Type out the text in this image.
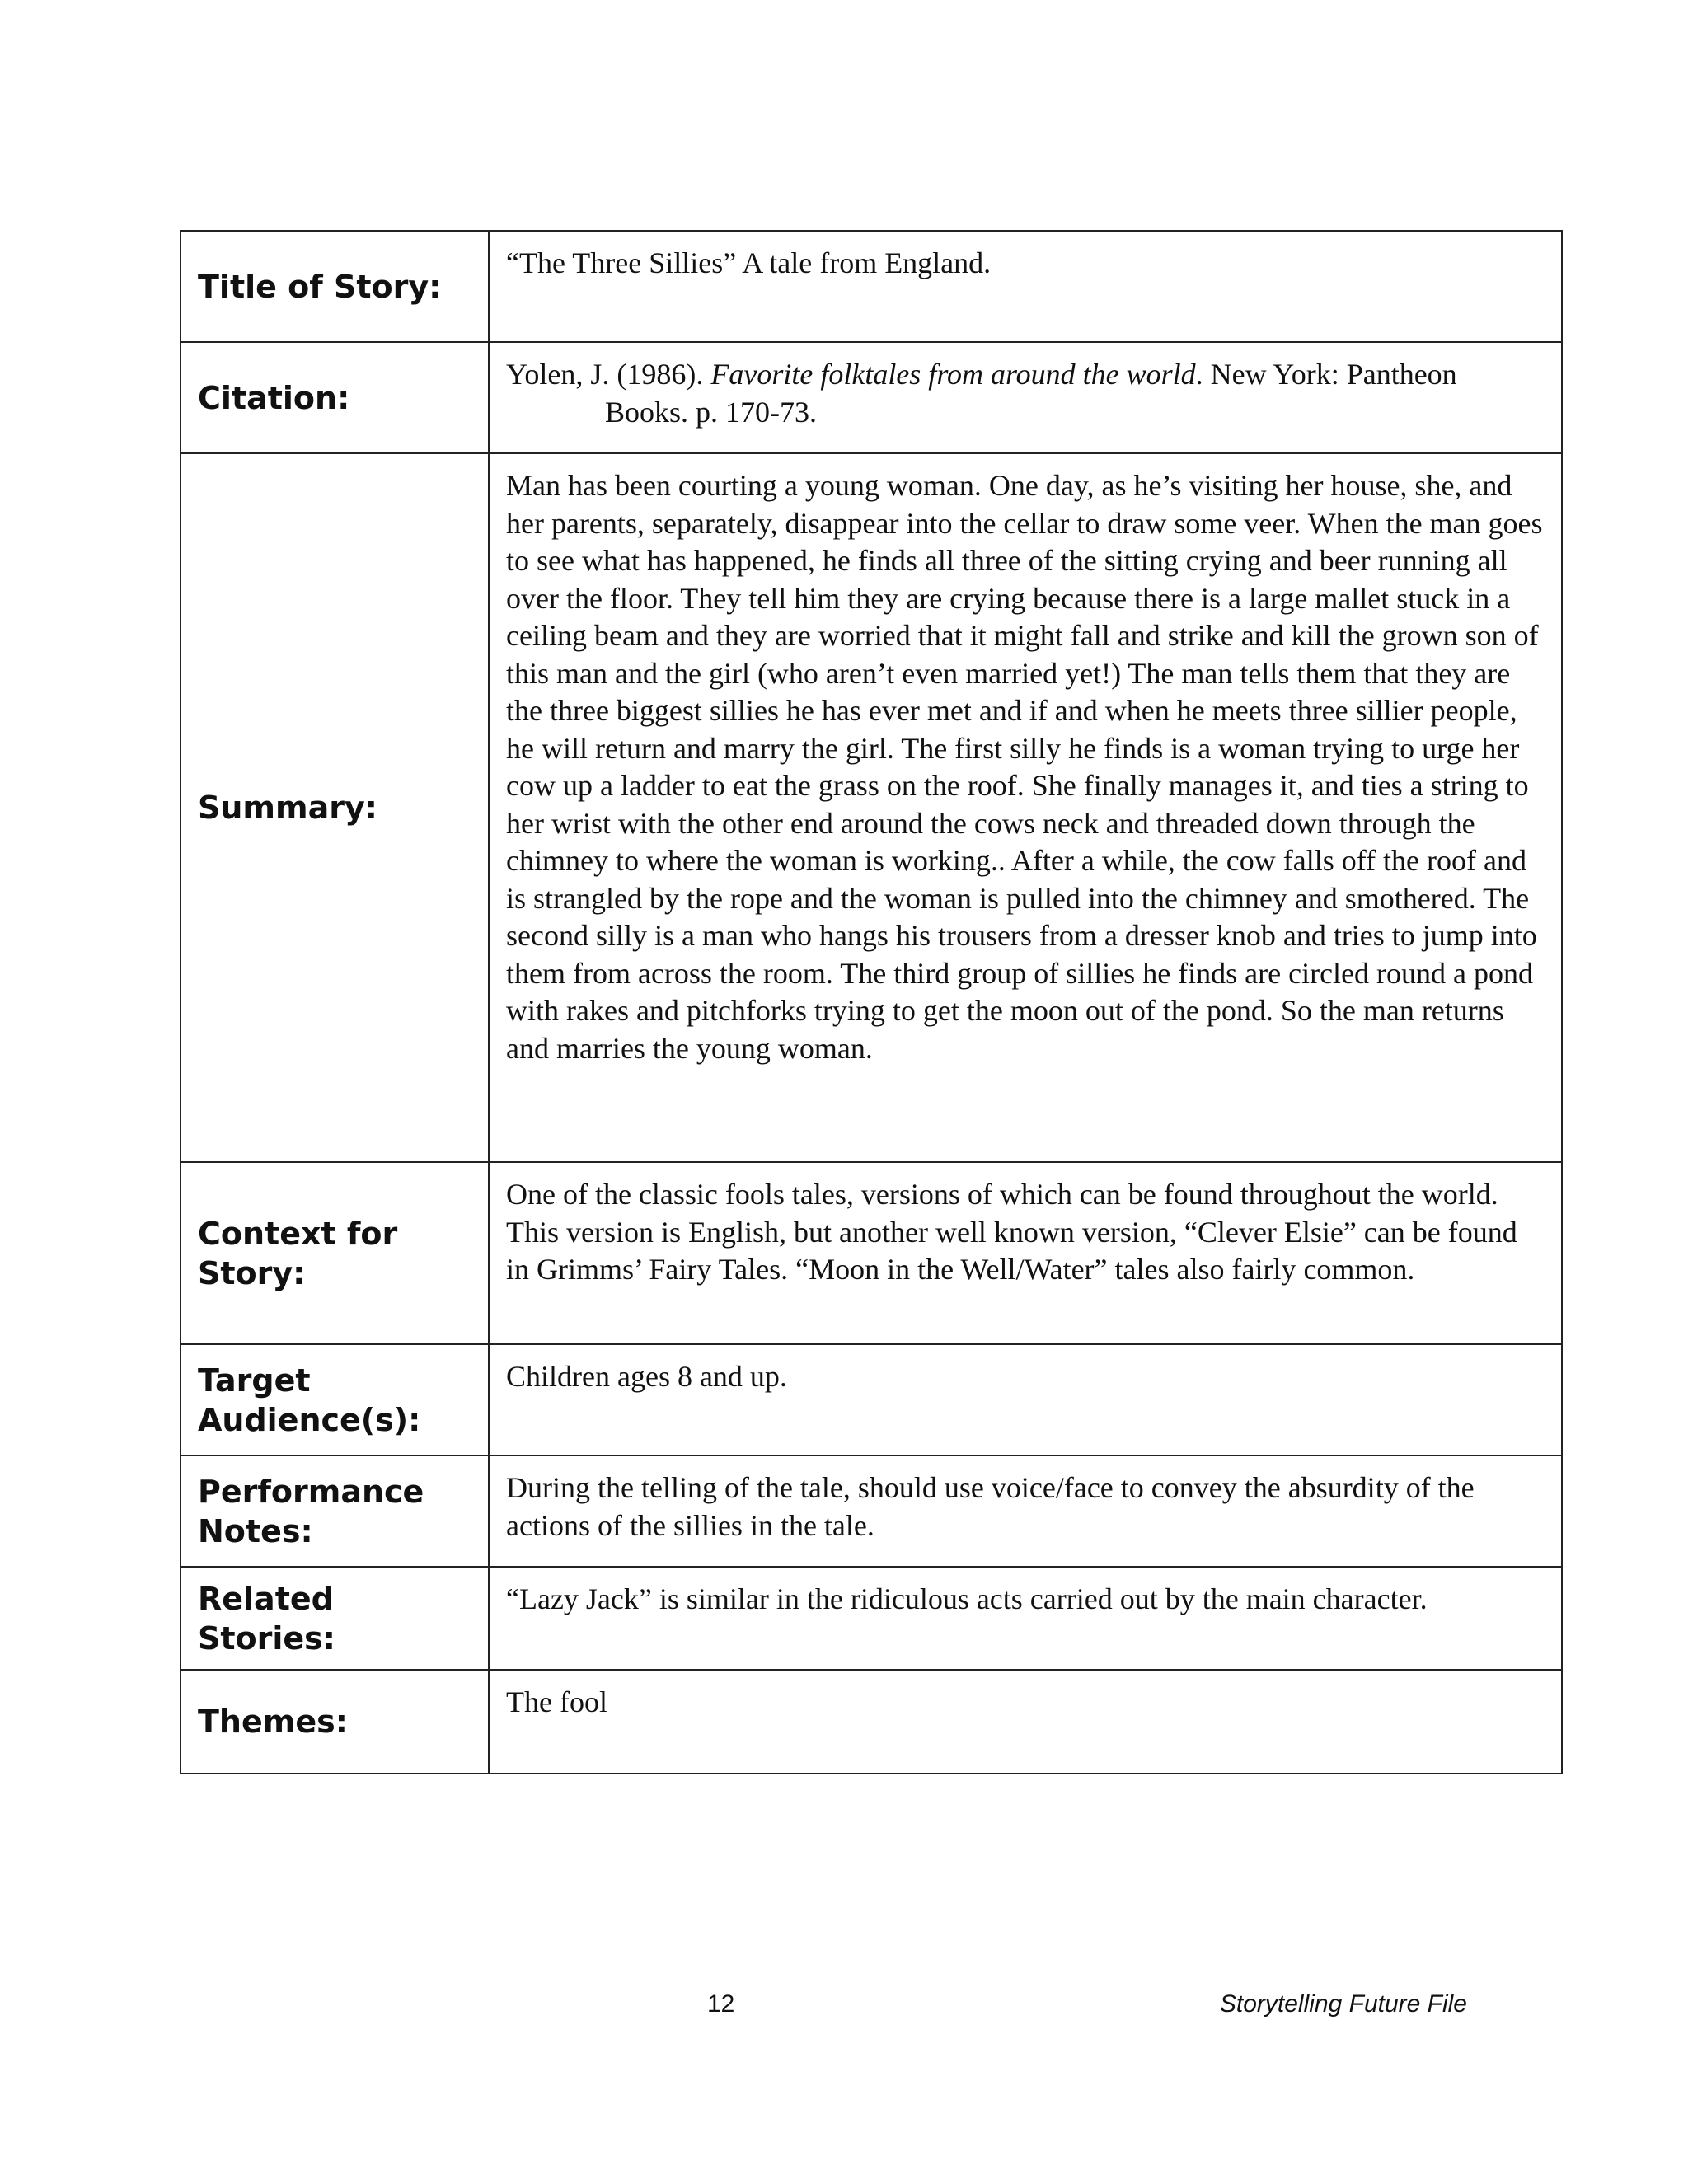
Title of Story:	“The Three Sillies” A tale from England.

Citation:	Yolen, J. (1986). Favorite folktales from around the world. New York: Pantheon Books. p. 170-73.

Summary:	Man has been courting a young woman. One day, as he’s visiting her house, she, and her parents, separately, disappear into the cellar to draw some veer. When the man goes to see what has happened, he finds all three of the sitting crying and beer running all over the floor. They tell him they are crying because there is a large mallet stuck in a ceiling beam and they are worried that it might fall and strike and kill the grown son of this man and the girl (who aren’t even married yet!) The man tells them that they are the three biggest sillies he has ever met and if and when he meets three sillier people, he will return and marry the girl. The first silly he finds is a woman trying to urge her cow up a ladder to eat the grass on the roof. She finally manages it, and ties a string to her wrist with the other end around the cows neck and threaded down through the chimney to where the woman is working.. After a while, the cow falls off the roof and is strangled by the rope and the woman is pulled into the chimney and smothered. The second silly is a man who hangs his trousers from a dresser knob and tries to jump into them from across the room. The third group of sillies he finds are circled round a pond with rakes and pitchforks trying to get the moon out of the pond. So the man returns and marries the young woman.

Context for
Story:	One of the classic fools tales, versions of which can be found throughout the world. This version is English, but another well known version, “Clever Elsie” can be found in Grimms’ Fairy Tales. “Moon in the Well/Water” tales also fairly common.

Target
Audience(s):	Children ages 8 and up.

Performance
Notes:	During the telling of the tale, should use voice/face to convey the absurdity of the actions of the sillies in the tale.

Related Stories:	“Lazy Jack” is similar in the ridiculous acts carried out by the main character.

Themes:	The fool
12	Storytelling Future File
